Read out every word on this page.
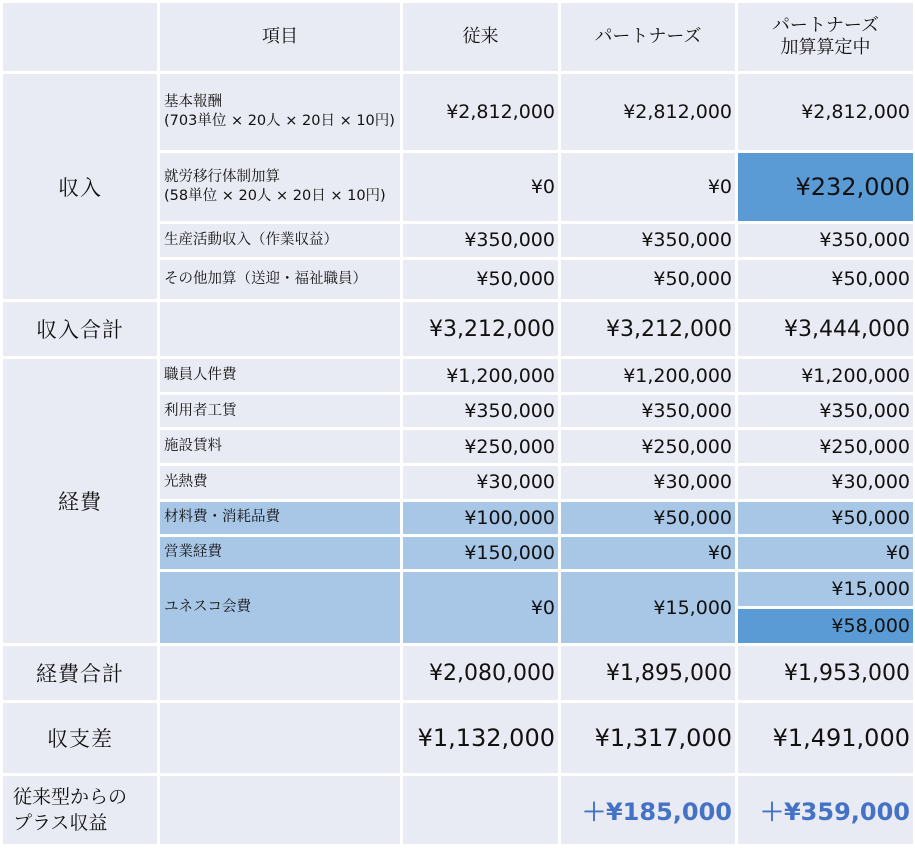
	項目	従来	パートナーズ	パートナーズ
加算算定中

収入	基本報酬
(703単位 × 20人 × 20日 × 10円)	¥2,812,000	¥2,812,000	¥2,812,000

	就労移行体制加算
(58単位 × 20人 × 20日 × 10円)	¥0	¥0	¥232,000
	生産活動収入（作業収益）	¥350,000	¥350,000	¥350,000
	その他加算（送迎・福祉職員）	¥50,000	¥50,000	¥50,000
収入合計		¥3,212,000	¥3,212,000	¥3,444,000
経費	職員人件費	¥1,200,000	¥1,200,000	¥1,200,000
	利用者工賃	¥350,000	¥350,000	¥350,000
	施設賃料	¥250,000	¥250,000	¥250,000
	光熱費	¥30,000	¥30,000	¥30,000
	材料費・消耗品費	¥100,000	¥50,000	¥50,000
	営業経費	¥150,000	¥0	¥0
	ユネスコ会費	¥0	¥15,000	¥15,000
				¥58,000
経費合計		¥2,080,000	¥1,895,000	¥1,953,000
収支差		¥1,132,000	¥1,317,000	¥1,491,000

従来型からの
プラス収益			＋¥185,000	＋¥359,000
